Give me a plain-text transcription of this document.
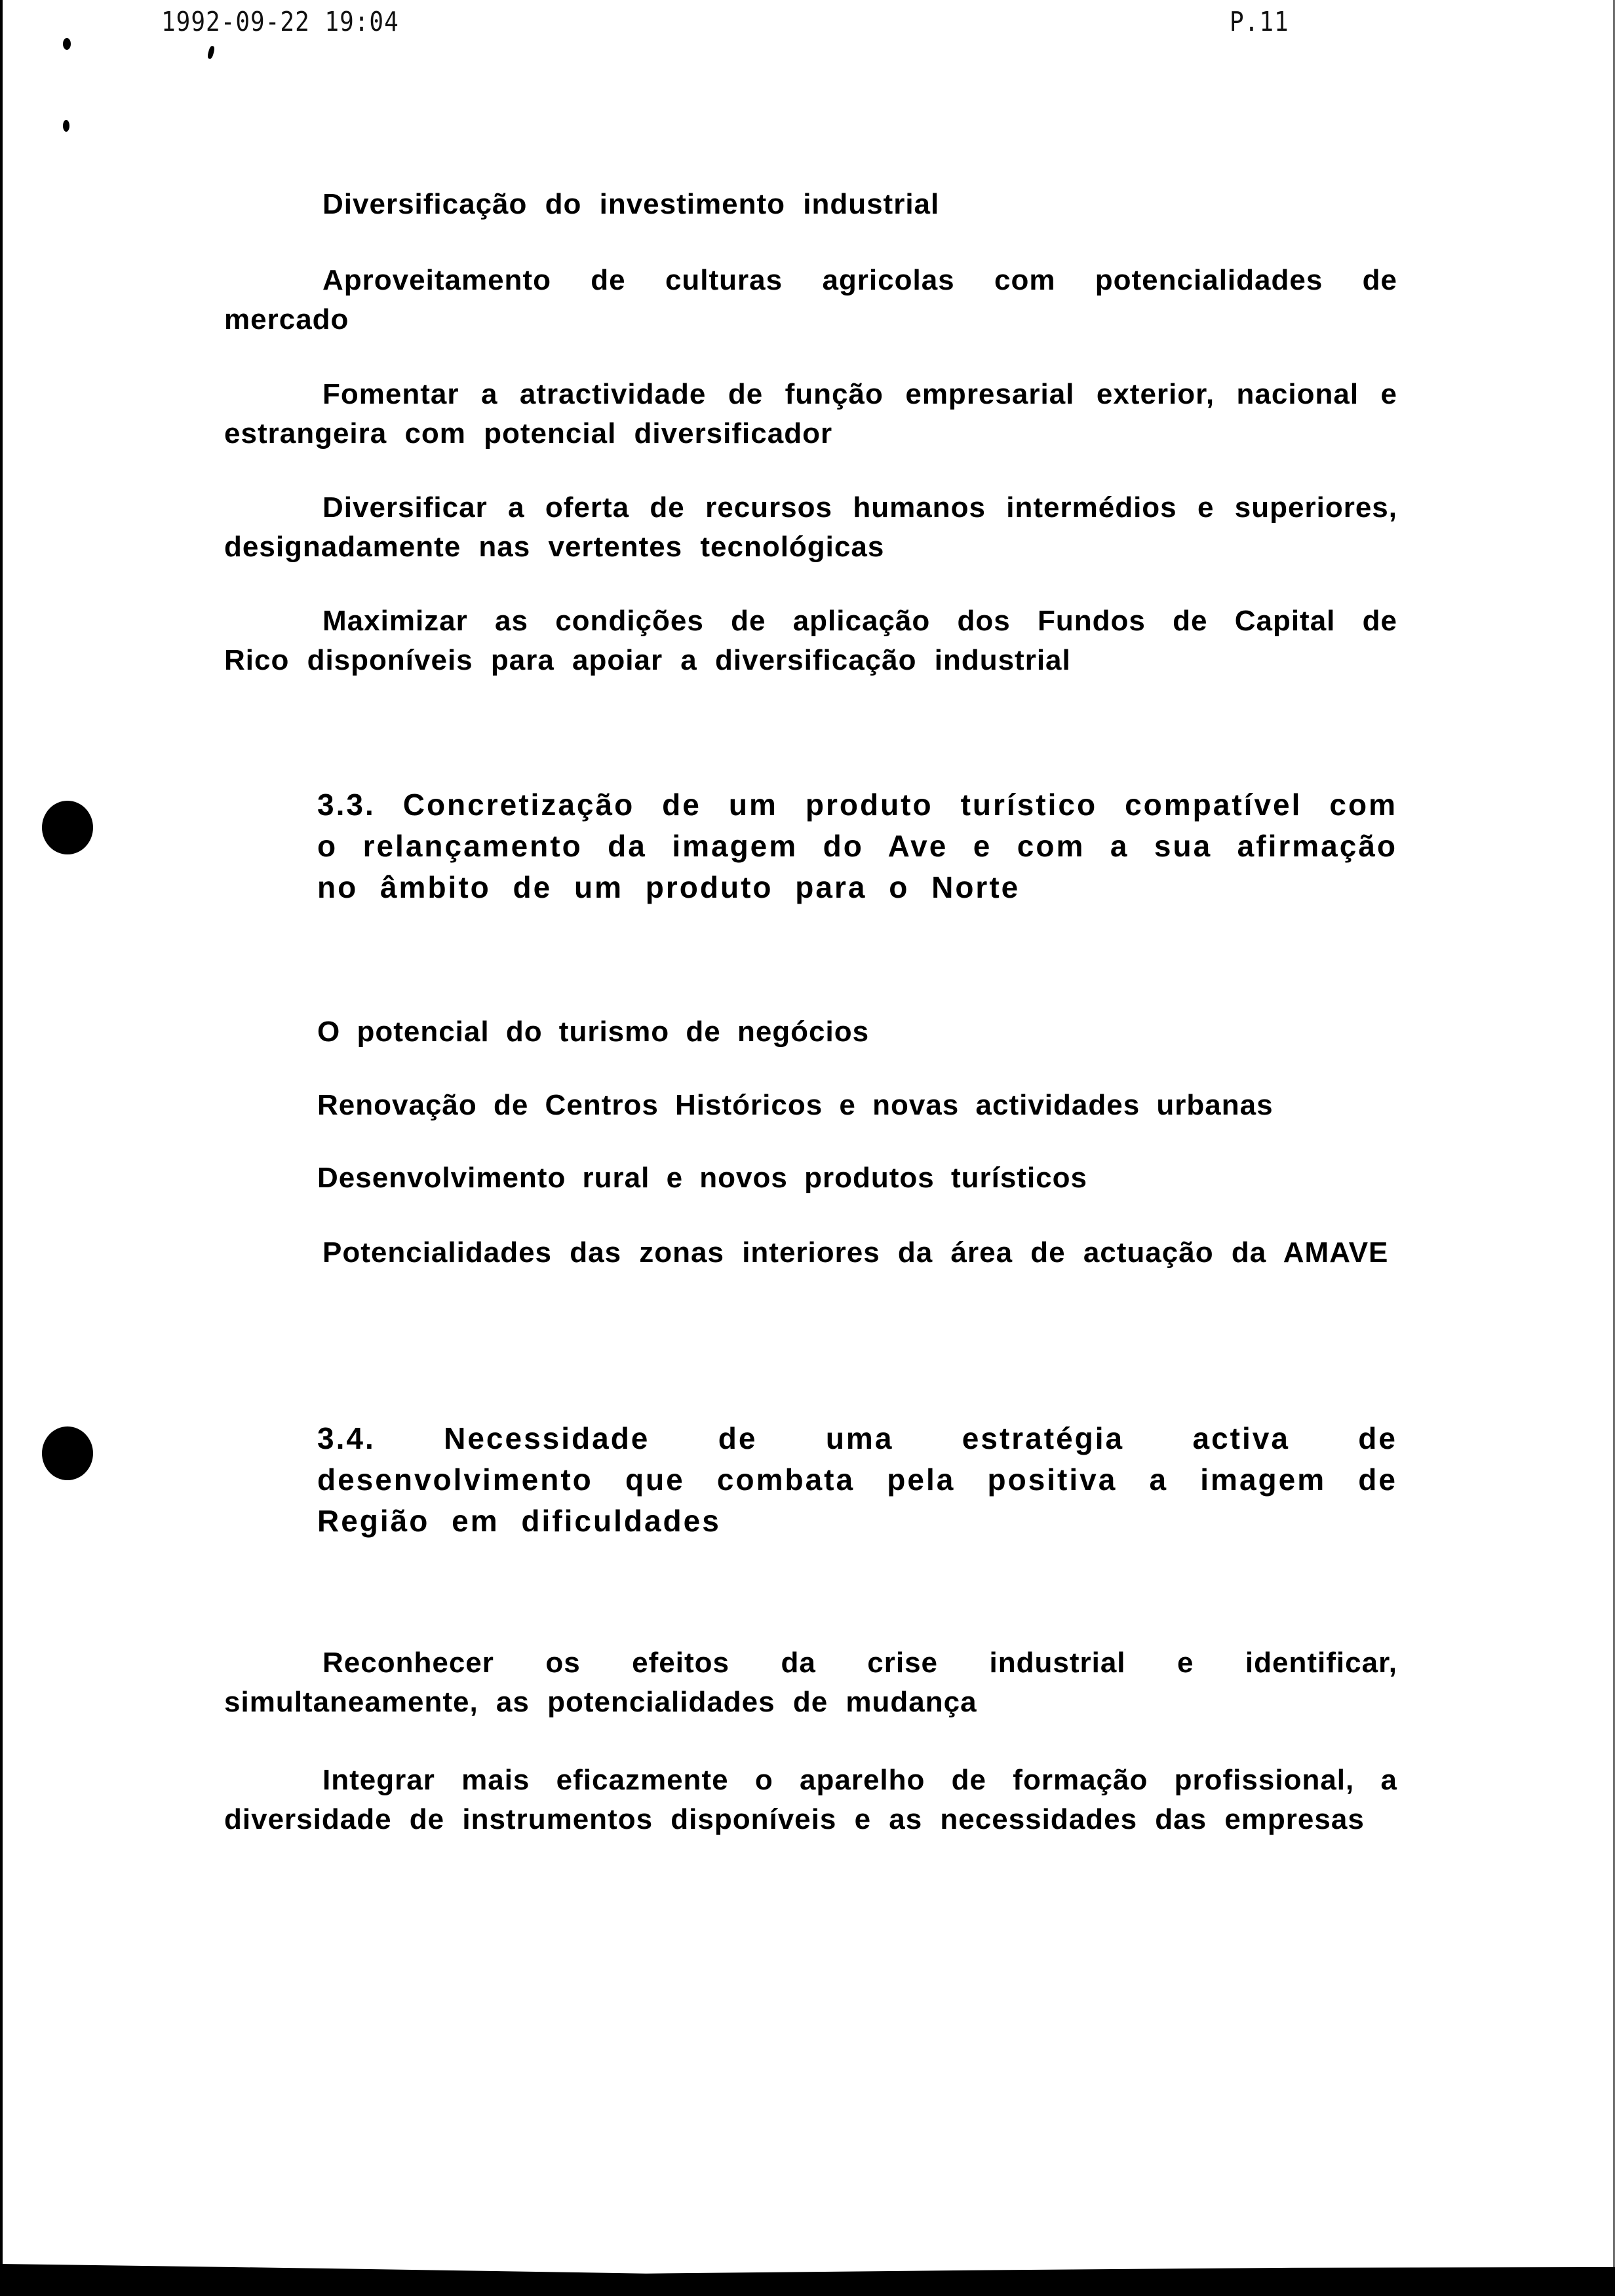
1992-09-22 19:04	P.11
Diversificação do investimento industrial
Aproveitamento de culturas agricolas com potencialidades de mercado
Fomentar a atractividade de função empresarial exterior, nacional e estrangeira com potencial diversificador
Diversificar a oferta de recursos humanos intermédios e superiores, designadamente nas vertentes tecnológicas
Maximizar as condições de aplicação dos Fundos de Capital de Rico disponíveis para apoiar a diversificação industrial
3.3. Concretização de um produto turístico compatível com o relançamento da imagem do Ave e com a sua afirmação no âmbito de um produto para o Norte
O potencial do turismo de negócios
Renovação de Centros Históricos e novas actividades urbanas
Desenvolvimento rural e novos produtos turísticos
Potencialidades das zonas interiores da área de actuação da AMAVE
3.4. Necessidade de uma estratégia activa de desenvolvimento que combata pela positiva a imagem de Região em dificuldades
Reconhecer os efeitos da crise industrial e identificar, simultaneamente, as potencialidades de mudança
Integrar mais eficazmente o aparelho de formação profissional, a diversidade de instrumentos disponíveis e as necessidades das empresas
